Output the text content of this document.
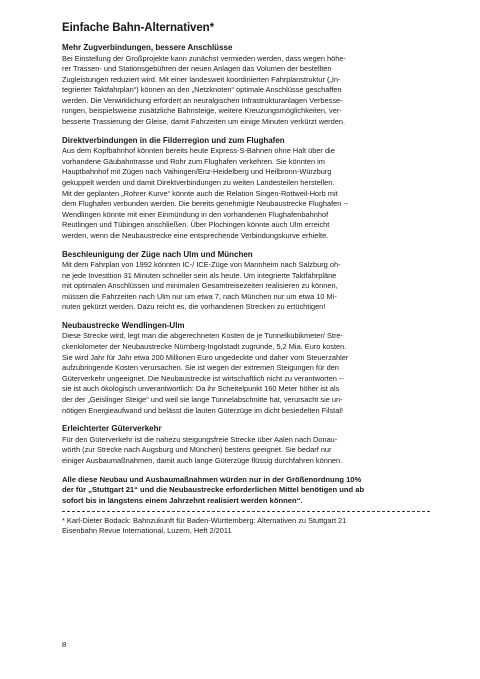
Einfache Bahn-Alternativen*

Mehr Zugverbindungen, bessere Anschlüsse

Bei Einstellung der Großprojekte kann zunächst vermieden werden, dass wegen höhe-
rer Trassen- und Stationsgebühren der neuen Anlagen das Volumen der bestellten
Zugleistungen reduziert wird. Mit einer landesweit koordinierten Fahrplanstruktur („In-
tegrierter Taktfahrplan“) können an den „Netzknoten“ optimale Anschlüsse geschaffen
werden. Die Verwirklichung erfordert an neuralgischen Infrastrukturanlagen Verbesse-
rungen, beispielsweise zusätzliche Bahnsteige, weitere Kreuzungsmöglichkeiten, ver-
besserte Trassierung der Gleise, damit Fahrzeiten um einige Minuten verkürzt werden.

Direktverbindungen in die Filderregion und zum Flughafen

Aus dem Kopfbahnhof könnten bereits heute Express-S-Bahnen ohne Halt über die
vorhandene Gäubahntrasse und Rohr zum Flughafen verkehren. Sie könnten im
Hauptbahnhof mit Zügen nach Vaihingen/Enz-Heidelberg und Heilbronn-Würzburg
gekuppelt werden und damit Direktverbindungen zu weiten Landesteilen herstellen.
Mit der geplanten „Rohrer Kurve“ könnte auch die Relation Singen-Rottweil-Horb mit
dem Flughafen verbunden werden. Die bereits genehmigte Neubaustrecke Flughafen --
Wendlingen könnte mit einer Einmündung in den vorhandenen Flughafenbahnhof
Reutlingen und Tübingen anschließen. Über Plochingen könnte auch Ulm erreicht
werden, wenn die Neubaustrecke eine entsprechende Verbindungskurve erhielte.

Beschleunigung der Züge nach Ulm und München

Mit dem Fahrplan von 1992 könnten IC-/ ICE-Züge von Mannheim nach Salzburg oh-
ne jede Investition 31 Minuten schneller sein als heute. Um integrierte Taktfahrpläne
mit optimalen Anschlüssen und minimalen Gesamtreisezeiten realisieren zu können,
müssen die Fahrzeiten nach Ulm nur um etwa 7, nach München nur um etwa 10 Mi-
nuten gekürzt werden. Dazu reicht es, die vorhandenen Strecken zu ertüchtigen!

Neubaustrecke Wendlingen-Ulm

Diese Strecke wird, legt man die abgerechneten Kosten de je Tunnelkubikmeter/ Stre-
ckenkilometer der Neubaustrecke Nürnberg-Ingolstadt zugrunde, 5,2 Mia. Euro kosten.
Sie wird Jahr für Jahr etwa 200 Millionen Euro ungedeckte und daher vom Steuerzahler
aufzubringende Kosten verursachen. Sie ist wegen der extremen Steigungen für den
Güterverkehr ungeeignet. Die Neubaustrecke ist wirtschaftlich nicht zu verantworten --
sie ist auch ökologisch unverantwortlich: Da ihr Scheitelpunkt 160 Meter höher ist als
der der „Geislinger Steige“ und weil sie lange Tunnelabschnitte hat, verursacht sie un-
nötigen Energieaufwand und belässt die lauten Güterzüge im dicht besiedelten Filstal!

Erleichterter Güterverkehr

Für den Güterverkehr ist die nahezu steigungsfreie Strecke über Aalen nach Donau-
wörth (zur Strecke nach Augsburg und München) bestens geeignet. Sie bedarf nur
einiger Ausbaumaßnahmen, damit auch lange Güterzüge flüssig durchfahren können.

Alle diese Neubau und Ausbaumaßnahmen würden nur in der Größenordnung 10%
der für „Stuttgart 21“ und die Neubaustrecke erforderlichen Mittel benötigen und ab
sofort bis in längstens einem Jahrzehnt realisiert werden können“.

* Karl-Dieter Bodack: Bahnzukunft für Baden-Württemberg: Alternativen zu Stuttgart 21
Eisenbahn Revue International, Luzern, Heft 2/2011

8
